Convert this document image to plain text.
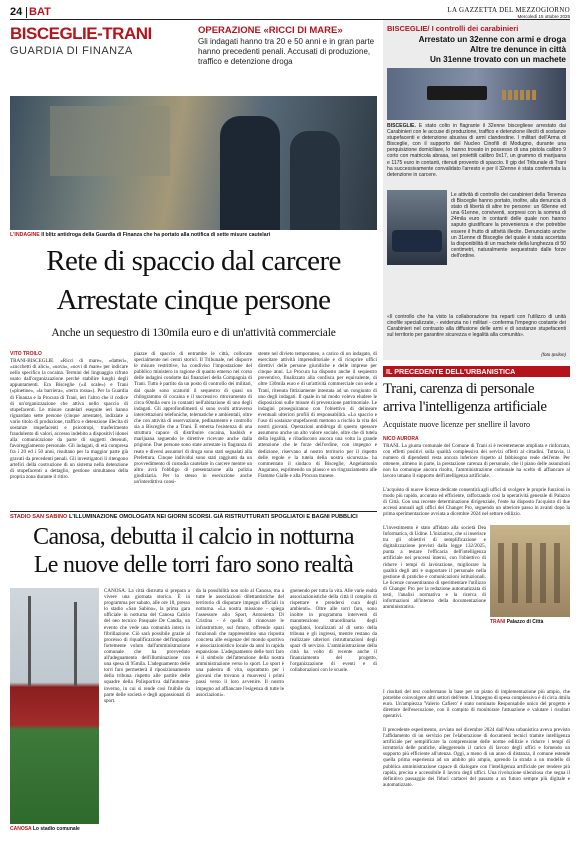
24 BAT	LA GAZZETTA DEL MEZZOGIORNO
Mercoledì 15 ottobre 2025
BISCEGLIE-TRANI
GUARDIA DI FINANZA
OPERAZIONE «RICCI DI MARE»
Gli indagati hanno tra 20 e 50 anni e in gran parte hanno precedenti penali. Accusati di produzione, traffico e detenzione droga
L'INDAGINE Il blitz antidroga della Guardia di Finanza che ha portato alla notifica di sette misure cautelari
Rete di spaccio dal carcere
Arrestate cinque persone
Anche un sequestro di 130mila euro e di un'attività commerciale
VITO TROILO
TRANI-BISCEGLIE. «Ricci di mare», «datteri», «zucchetti di alici», «uova», «uovi di mare» per indicare nello specifico la cocaina. Termini del linguaggio cifrato usato dall'organizzazione perché stabilire luoghi degli appuntamenti. Era Bisceglie («il scale») e Trani («pinetine», «la barriera», «terra rossa»). Per la Guardia di Finanza e la Procura di Trani, ieri l'altro che il codice di un'organizzazione che attiva nello spaccio di stupefacenti. Le misure cautelari eseguite ieri hanno riguardato sette persone (cinque arrestate), indiziate a vario titolo di produzione, traffico e detenzione illecita di sostanze stupefacenti e psicotropi, trasferimento fraudolento di valori, accesso indebito a dispositivi idonei alla comunicazione da parte di soggetti detenuti, favoreggiamento personale. Gli indagati, di età compresa fra i 20 ed i 50 anni, risultano per la maggior parte già gravati da precedenti penali. Gli investigatori li ritengono artefici della costruzione di un sistema nella detenzione di stupefacenti a dettaglio, gestione simultanea della propria zona durante il ritiro.
piazze di spaccio di entrambe le città, collocate specialmente nei centri storici. Il Tribunale, nel disporre le misure restrittive, ha condiviso l'impostazione del pubblico ministero in ragione di quanto emerso nel corso delle indagini condotte dai finanzieri della Compagnia di Trani. Tutto è partito da un posto di controllo dei militari, dal quale sono scaturiti il sequestro di quasi un chilogrammo di cocaina e il successivo ritrovamento di circa 60mila euro in contanti nell'abitazione di uno degli indagati. Gli approfondimenti si sono svolti attraverso intercettazioni telefoniche, telematiche e ambientali, oltre che con attività di osservazione, pedinamento e controllo sia a Bisceglie che a Trani. È emersa l'esistenza di una struttura capace di distribuire cocaina, hashish e marijuana seguendo le direttive ricevute anche dalla prigione. Due persone sono state arrestate in flagranza di reato e diversi assuntori di droga sono stati segnalati alla Prefettura. Cinque individui sono stati raggiunti da un provvedimento di custodia cautelare in carcere mentre un altro avrà l'obbligo di presentazione alla polizia giudiziaria. Per lo stesso in esecuzione anche un'interdittiva consi-
stente nel divieto temporaneo, a carico di un indagato, di esercitare attività imprenditoriale e di ricoprire uffici direttivi delle persone giuridiche e delle imprese per cinque anni. La Procura ha disposto anche il sequestro preventivo, finalizzato alla confisca per equivalente, di oltre 130mila euro e di un'attività commerciale con sede a Trani, ritenuta fittiziamente intestata ad un congiunto di uno degli indagati. Il quale in tal modo voleva eludere le disposizioni sulle misure di prevenzione patrimoniale. Le indagini proseguiranno con l'obiettivo di delineare eventuali ulteriori profili di responsabilità. «Lo spaccio e l'uso di sostanze stupefacenti mettono a rischio la vita dei nostri giovani. Operazioni antidroga di questo spessore assumono anche un alto valore sociale, oltre che di tutela della legalità, e ribadiscono ancora una volta la grande attenzione che le forze dell'ordine, con impegno e dedizione, riservano al nostro territorio per il rispetto delle regole e la tutela della nostra sicurezza» ha commentato il sindaco di Bisceglie, Angelantonio Angarano, esprimendo un plauso e un ringraziamento alle Fiamme Gialle e alla Procura tranese.
BISCEGLIE/ I controlli dei carabinieri
Arrestato un 32enne con armi e droga
Altre tre denunce in città
Un 31enne trovato con un machete
BISCEGLIE. È stato colto in flagrante il 32enne biscegliese arrestato dai Carabinieri con le accuse di produzione, traffico e detenzione illeciti di sostanze stupefacenti e detenzione abusiva di armi clandestine. I militari dell'Arma di Bisceglie, con il supporto del Nucleo Cinofili di Modugno, durante una perquisizione domiciliare, lo hanno trovato in possesso di una pistola calibro 9 corto con matricola abrasa, sei proiettili calibro 9x17, un grammo di marijuana e 1175 euro in contanti, ritenuti provento di spaccio. Il gip del Tribunale di Trani ha successivamente convalidato l'arresto e per il 32enne è stata confermata la detenzione in carcere.
Le attività di controllo dei carabinieri della Tenenza di Bisceglie hanno portato, inoltre, alla denuncia di stato di libertà di altre tre persone: un 68enne ed una 61enne, conviventi, sorpresi con la somma di 24mila euro in contanti delle quale non hanno saputo giustificare la provenienza e che potrebbe essere il frutto di attività illecite. Denunciato anche un 31enne di Bisceglie del quale è stata accertata la disponibilità di un machete della lunghezza di 50 centimetri, naturalmente sequestrato dalle forze dell'ordine.
«Il controllo che ha visto la collaborazione tra reparti con l'utilizzo di unità cinofile specializzate, - evidenzia no i militari - conferma l'impegno costante dei Carabinieri nel contrasto alla diffusione delle armi e di sostanze stupefacenti sul territorio per garantire sicurezza e legalità alla comunità».
(foto Ipsilon)
IL PRECEDENTE DELL'URBANISTICA
Trani, carenza di personale
arriva l'intelligenza artificiale
Acquistate nuove licenze per snellire il lavoro
NICO AURORA
TRANI. La giunta comunale del Comune di Trani si è recentemente ampliata e rinforzata, con effetti positivi sulla qualità complessiva dei servizi offerti ai cittadini. Tuttavia, il numero di dipendenti resta ancora inferiore rispetto al fabbisogno reale dell'ente. Per ottenere, almeno in parte, la prestazione carenza di personale, che il piano delle assunzioni non ha comunque ancora risolto, l'amministrazione comunale ha scelto di affiancare al lavoro umano il supporto dell'intelligenza artificiale.
L'acquisto di nuove licenze dedicate consentirà agli uffici di svolgere le proprie funzioni in modo più rapido, accurato ed efficiente, rafforzando così la operatività generale di Palazzo di Città. Con una recente determinazione dirigenziale, l'ente ha disposto l'acquisto di due accessi annuali agli uffici del Changer Pro, seguendo un ulteriore passo in avanti dopo la prima sperimentazione avviata a dicembre 2024 nel settore edilizio.
L'investimento è stato affidato alla società Dea Informatica, di Udine. L'iniziativa, che si inserisce tra gli obiettivi di semplificazione e digitalizzazione previsti dalla legge 132/2025, punta a testare l'efficacia dell'intelligenza artificiale nei processi interni, con l'obiettivo di ridurre i tempi di lavorazione, migliorare la qualità degli atti e supportare il personale nella gestione di pratiche e comunicazioni istituzionali. Le licenze consentiranno di sperimentare l'utilizzo di Changer Pro per la redazione automatizzata di testi, l'analisi normativa e la ricerca di informazioni all'interno della documentazione amministrativa.
TRANI Palazzo di Città
I risultati del test confermano la base per un piano di implementazione più ampio, che potrebbe coinvolgere altri settori dell'ente. L'impegno di spesa complessivo è di circa 4mila euro. Un'ampiezza 'Valerio Cafiero' è stato nominato Responsabile unico del progetto e direttore dell'esecuzione, con il compito di monitorare l'attuazione e valutare i risultati operativi.
Il precedente esperimento, avviato nel dicembre 2024 dall'Area urbanistica aveva previsto l'affidamento di un servizio per l'elaborazione di documenti tecnici tramite intelligenza artificiale per semplificare la comprensione delle norme edilizie e ridurre i tempi di istruttoria delle pratiche, alleggerendo il carico di lavoro degli uffici e fornendo un supporto più efficiente all'utenza. Oggi, a meno di un anno di distanza, il comune estende quella prima esperienza ad un ambito più ampio, aprendo la strada a un modello di pubblica amministrazione capace di dialogare con l'intelligenza artificiale per rendere più rapida, precisa e accessibile il lavoro degli uffici. Una rivoluzione silenziosa che segna il definitivo passaggio dei fiduci cartacei del passato a un futuro sempre più digitale e automatizzato.
STADIO SAN SABINO L'ILLUMINAZIONE OMOLOGATA NEI GIORNI SCORSI. GIÀ RISTRUTTURATI SPOGLIATOI E BAGNI PUBBLICI
Canosa, debutta il calcio in notturna
Le nuove delle torri faro sono realtà
CANOSA Lo stadio comunale
CANOSA. La città distrutta si prepara a vivere una giornata storica. È in programma per sabato, alle ore 18, presso lo stadio «San Sabino», la prima gara ufficiale in notturna del Canosa Calcio del neo tecnico Pasquale De Candia, un evento che vede una comunità intera in fibrillazione. Ciò sarà possibile grazie al processo di riqualificazione dell'impianto fortemente voluto dall'amministrazione comunale che ha provveduto all'adeguamento dell'illuminazione con una spesa di 95mila. L'adeguamento delle torri faro permetterà il riposizionamento della tribuna rispetto alle partite delle squadre della Polisportiva dall'autunno-inverno, in cui si rende così fruibile da parte delle società e degli appassionati di sport.
da la possibilità non solo al Canosa, ma a tutte le associazioni dilettantistiche del territorio di disputare impegni ufficiali in notturna. «La nostra missione - spiega l'assessore allo Sport, Antonietta Di Cristina - è quella di rinnovare le infrastrutture, sul futuro, offrendo spazi funzionali che rappresentino una risposta concreta alle esigenze del mondo sportivo e associazionistico locale da anni in rapida espansione. L'adeguamento delle torri faro è il simbolo dell'attenzione della nostra amministrazione verso lo sport. Lo sport è una palestra di vita, soprattutto per i giovani che trovano a muoversi i primi passi verso il loro avvenire. Il nostro impegno ad affiancare l'esigenza di tutte le associazioni».
gnenendo per tutta la vita. Alle varie realtà associazionistiche della città il compito di rispettare e prendersi cura degli ambienti». Oltre alle torri faro, sono inoltre in programma interventi di manutenzione straordinaria degli spogliatoi, localizzati al di sotto della tribuna e gli ingressi, mentre restano da realizzare ulteriori ristrutturazioni degli spazi di servizio. L'amministrazione della città ha volto di recente anche il finanziamento del progetto, l'organizzazione di eventi e di collaborazioni con le scuole.
